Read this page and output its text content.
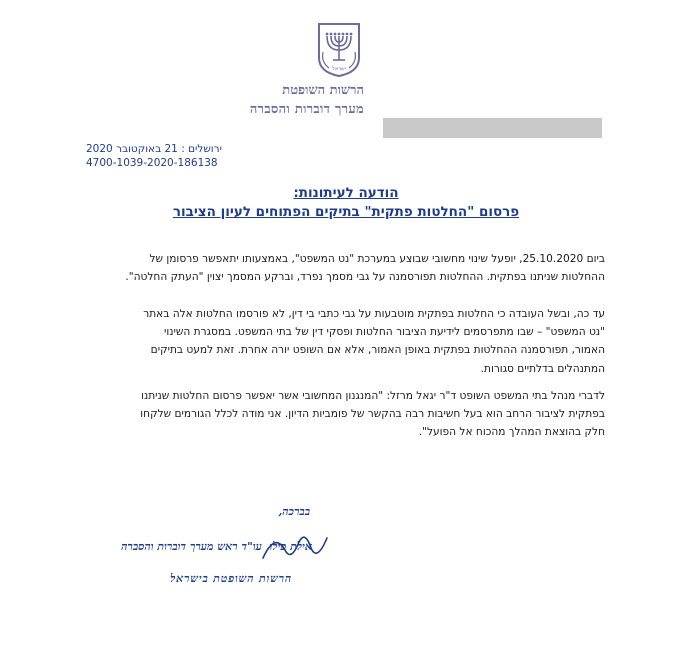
ישראל
הרשות השופטת
מערך דוברות והסברה
ירושלים : 21 באוקטובר 2020
4700-1039-2020-186138
הודעה לעיתונות:
פרסום "החלטות פתקית" בתיקים הפתוחים לעיון הציבור

ביום 25.10.2020, יופעל שינוי מחשובי שבוצע במערכת "נט המשפט", באמצעותו יתאפשר פרסומן של

ההחלטות שניתנו בפתקית. ההחלטות תפורסמנה על גבי מסמך נפרד, וברקע המסמך יצוין "העתק החלטה".

עד כה, ובשל העובדה כי החלטות בפתקית מוטבעות על גבי כתבי בי דין, לא פורסמו החלטות אלה באתר

"נט המשפט" – שבו מתפרסמים לידיעת הציבור החלטות ופסקי דין של בתי המשפט. במסגרת השינוי

האמור, תפורסמנה ההחלטות בפתקית באופן האמור, אלא אם השופט יורה אחרת. זאת למעט בתיקים

המתנהלים בדלתיים סגורות.

לדברי מנהל בתי המשפט השופט ד"ר יגאל מרזל: "המנגנון המחשובי אשר יאפשר פרסום החלטות שניתנו

בפתקית לציבור הרחב הוא בעל חשיבות רבה בהקשר של פומביות הדיון. אני מודה לכלל הגורמים שלקחו

חלק בהוצאת המהלך מהכוח אל הפועל".

בברכה,
אילת פילו, עו"ד ראש מערך דוברות והסברה
הרשות השופטת בישראל
